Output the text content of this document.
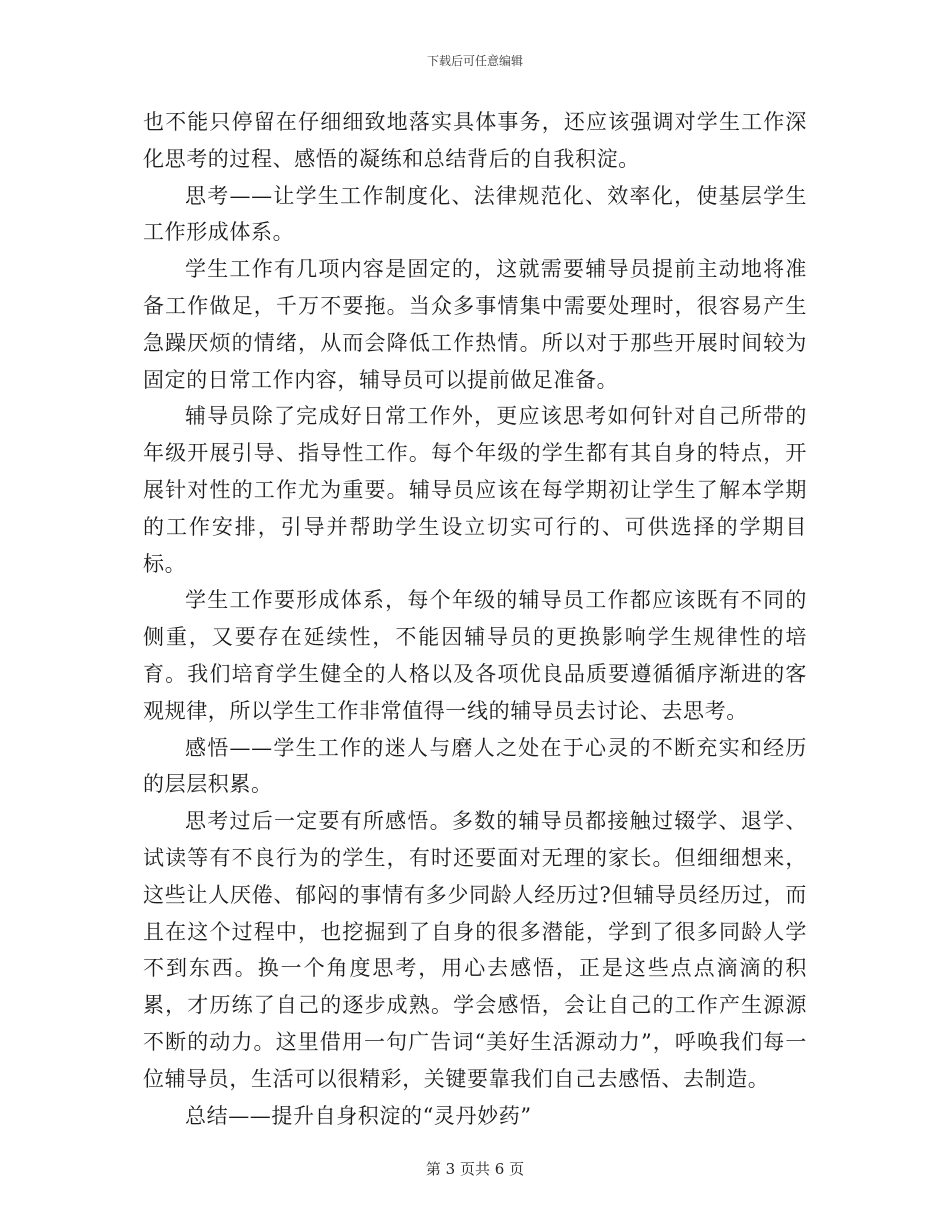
下载后可任意编辑

也不能只停留在仔细细致地落实具体事务，还应该强调对学生工作深化思考的过程、感悟的凝练和总结背后的自我积淀。

思考——让学生工作制度化、法律规范化、效率化，使基层学生工作形成体系。

学生工作有几项内容是固定的，这就需要辅导员提前主动地将准备工作做足，千万不要拖。当众多事情集中需要处理时，很容易产生急躁厌烦的情绪，从而会降低工作热情。所以对于那些开展时间较为固定的日常工作内容，辅导员可以提前做足准备。

辅导员除了完成好日常工作外，更应该思考如何针对自己所带的年级开展引导、指导性工作。每个年级的学生都有其自身的特点，开展针对性的工作尤为重要。辅导员应该在每学期初让学生了解本学期的工作安排，引导并帮助学生设立切实可行的、可供选择的学期目标。

学生工作要形成体系，每个年级的辅导员工作都应该既有不同的侧重，又要存在延续性，不能因辅导员的更换影响学生规律性的培育。我们培育学生健全的人格以及各项优良品质要遵循循序渐进的客观规律，所以学生工作非常值得一线的辅导员去讨论、去思考。

感悟——学生工作的迷人与磨人之处在于心灵的不断充实和经历的层层积累。

思考过后一定要有所感悟。多数的辅导员都接触过辍学、退学、试读等有不良行为的学生，有时还要面对无理的家长。但细细想来，这些让人厌倦、郁闷的事情有多少同龄人经历过?但辅导员经历过，而且在这个过程中，也挖掘到了自身的很多潜能，学到了很多同龄人学不到东西。换一个角度思考，用心去感悟，正是这些点点滴滴的积累，才历练了自己的逐步成熟。学会感悟，会让自己的工作产生源源不断的动力。这里借用一句广告词“美好生活源动力”，呼唤我们每一位辅导员，生活可以很精彩，关键要靠我们自己去感悟、去制造。

总结——提升自身积淀的“灵丹妙药”

第 3 页共 6 页
